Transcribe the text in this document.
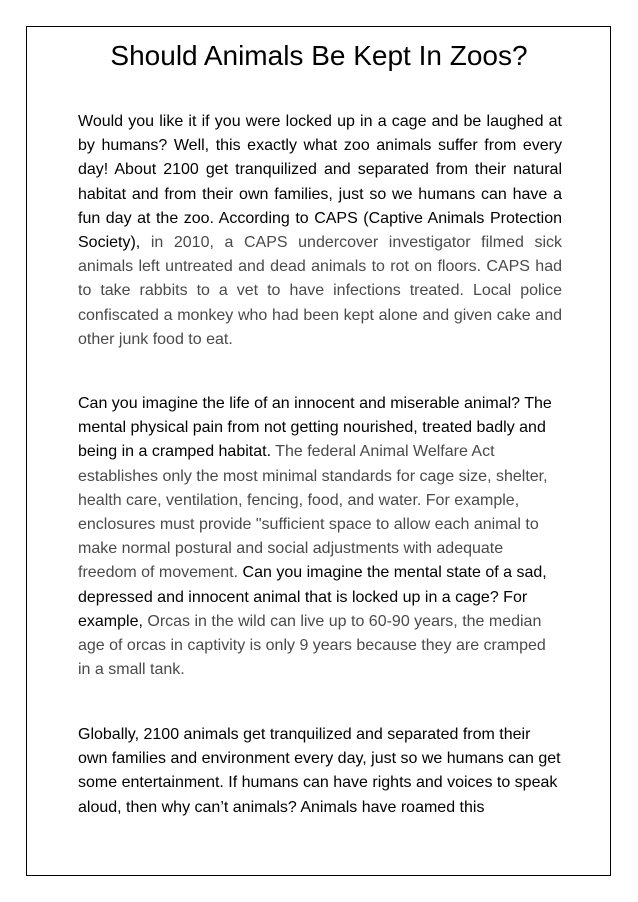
Should Animals Be Kept In Zoos?

Would you like it if you were locked up in a cage and be laughed at by humans? Well, this exactly what zoo animals suffer from every day! About 2100 get tranquilized and separated from their natural habitat and from their own families, just so we humans can have a fun day at the zoo. According to CAPS (Captive Animals Protection Society), in 2010, a CAPS undercover investigator filmed sick animals left untreated and dead animals to rot on floors. CAPS had to take rabbits to a vet to have infections treated. Local police confiscated a monkey who had been kept alone and given cake and other junk food to eat.

Can you imagine the life of an innocent and miserable animal? The mental physical pain from not getting nourished, treated badly and being in a cramped habitat. The federal Animal Welfare Act establishes only the most minimal standards for cage size, shelter, health care, ventilation, fencing, food, and water. For example, enclosures must provide "sufficient space to allow each animal to make normal postural and social adjustments with adequate freedom of movement. Can you imagine the mental state of a sad, depressed and innocent animal that is locked up in a cage? For example, Orcas in the wild can live up to 60-90 years, the median age of orcas in captivity is only 9 years because they are cramped in a small tank.

Globally, 2100 animals get tranquilized and separated from their own families and environment every day, just so we humans can get some entertainment. If humans can have rights and voices to speak aloud, then why can’t animals? Animals have roamed this
